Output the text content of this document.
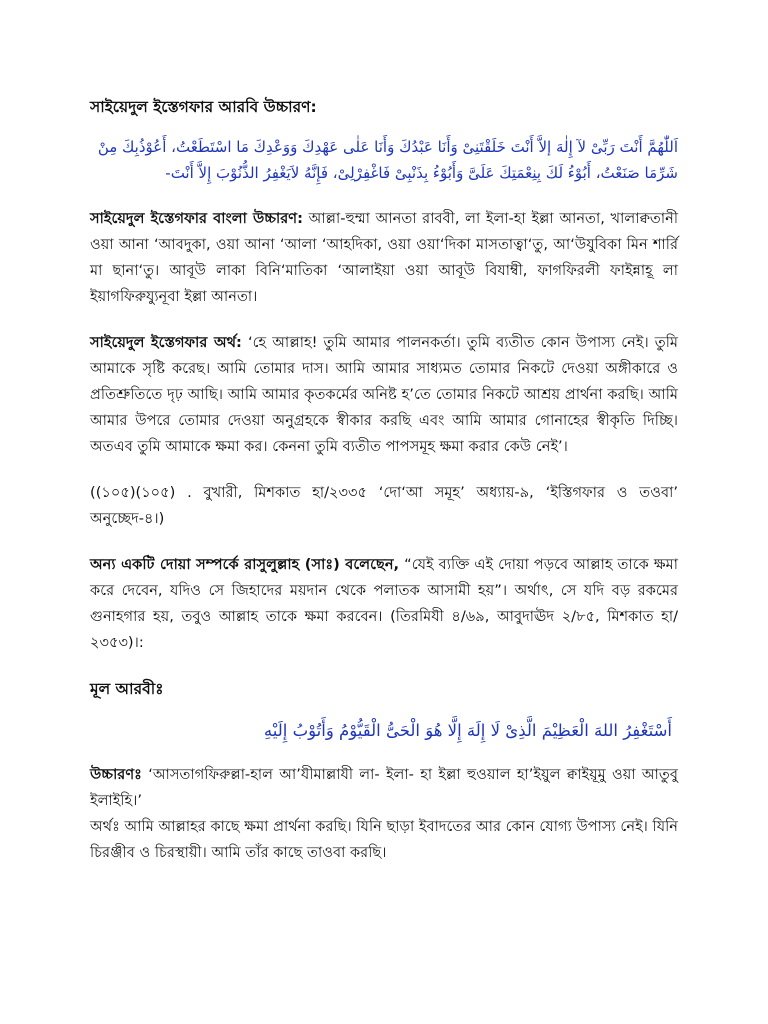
সাইয়েদুল ইস্তেগফার আরবি উচ্চারণ:
اَللّٰهُمَّ أَنْتَ رَبِّىْ لآ إِلٰهَ إلاَّ أَنْتَ خَلَقْتَنِىْ وَأَنَا عَبْدُكَ وَأَنَا عَلٰى عَهْدِكَ وَوَعْدِكَ مَا اسْتَطَعْتُ، أَعُوْذُبِكَ مِنْ
شَرِّمَا صَنَعْتُ، أَبُوْءُ لَكَ بِنِعْمَتِكَ عَلَىَّ وَأَبُوْءُ بِذَنْبِىْ فَاغْفِرْلِىْ، فَإِنَّهُ لاَيَغْفِرُ الذُّنُوْبَ إِلاَّ أَنْتَ-

সাইয়েদুল ইস্তেগফার বাংলা উচ্চারণ: আল্লা-হুম্মা আনতা রাববী, লা ইলা-হা ইল্লা আনতা, খালাক্বতানী ওয়া আনা ‘আবদুকা, ওয়া আনা ‘আলা ‘আহদিকা, ওয়া ওয়া‘দিকা মাসতাত্বা‘তু, আ‘উযুবিকা মিন শার্রি মা ছানা‘তু। আবূউ লাকা বিনি‘মাতিকা ‘আলাইয়া ওয়া আবূউ বিযাম্বী, ফাগফিরলী ফাইন্নাহূ লা ইয়াগফিরুয্যুনূবা ইল্লা আনতা।

সাইয়েদুল ইস্তেগফার অর্থ: ‘হে আল্লাহ! তুমি আমার পালনকর্তা। তুমি ব্যতীত কোন উপাস্য নেই। তুমি আমাকে সৃষ্টি করেছ। আমি তোমার দাস। আমি আমার সাধ্যমত তোমার নিকটে দেওয়া অঙ্গীকারে ও প্রতিশ্রুতিতে দৃঢ় আছি। আমি আমার কৃতকর্মের অনিষ্ট হ’তে তোমার নিকটে আশ্রয় প্রার্থনা করছি। আমি আমার উপরে তোমার দেওয়া অনুগ্রহকে স্বীকার করছি এবং আমি আমার গোনাহের স্বীকৃতি দিচ্ছি। অতএব তুমি আমাকে ক্ষমা কর। কেননা তুমি ব্যতীত পাপসমূহ ক্ষমা করার কেউ নেই’।

((১০৫)(১০৫) . বুখারী, মিশকাত হা/২৩৩৫ ‘দো‘আ সমূহ’ অধ্যায়-৯, ‘ইস্তিগফার ও তওবা’ অনুচ্ছেদ-৪।)

অন্য একটি দোয়া সম্পর্কে রাসুলুল্লাহ (সাঃ) বলেছেন, “যেই ব্যক্তি এই দোয়া পড়বে আল্লাহ তাকে ক্ষমা করে দেবেন, যদিও সে জিহাদের ময়দান থেকে পলাতক আসামী হয়”। অর্থাৎ, সে যদি বড় রকমের গুনাহগার হয়, তবুও আল্লাহ তাকে ক্ষমা করবেন। (তিরমিযী ৪/৬৯, আবুদাঊদ ২/৮৫, মিশকাত হা/২৩৫৩)।:

মূল আরবীঃ
أَسْتَغْفِرُ اللهَ الْعَظِيْمَ الَّذِىْ لَا إِلَهَ إِلَّا هُوَ الْحَىُّ الْقَيُّوْمُ وَأَتُوْبُ إِلَيْهِ

উচ্চারণঃ ‘আসতাগফিরুল্লা-হাল আ’যীমাল্লাযী লা- ইলা- হা ইল্লা হুওয়াল হা’ইয়ুল ক্বাইয়ূমু ওয়া আতুবু ইলাইহি।’

অর্থঃ আমি আল্লাহর কাছে ক্ষমা প্রার্থনা করছি। যিনি ছাড়া ইবাদতের আর কোন যোগ্য উপাস্য নেই। যিনি চিরঞ্জীব ও চিরস্থায়ী। আমি তাঁর কাছে তাওবা করছি।
